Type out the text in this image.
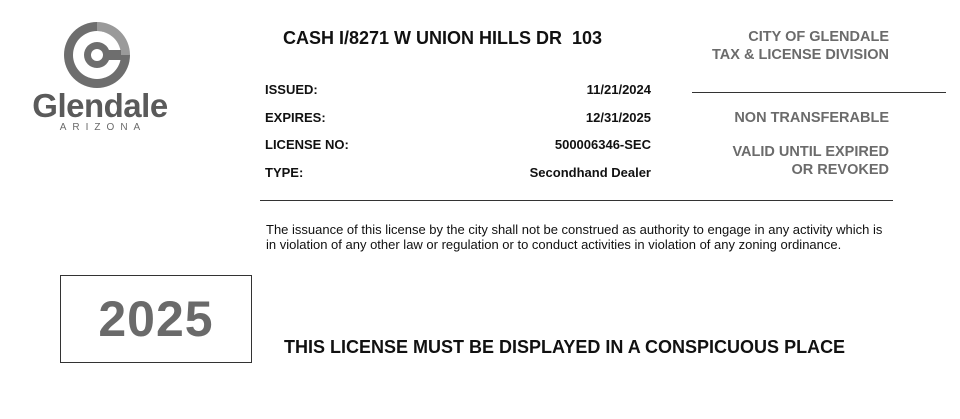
Glendale
ARIZONA
CASH I/8271 W UNION HILLS DR  103	CITY OF GLENDALE
TAX & LICENSE DIVISION
NON TRANSFERABLE
VALID UNTIL EXPIRED
OR REVOKED
ISSUED:	11/21/2024
EXPIRES:	12/31/2025
LICENSE NO:	500006346-SEC
TYPE:	Secondhand Dealer
The issuance of this license by the city shall not be construed as authority to engage in any activity which is in violation of any other law or regulation or to conduct activities in violation of any zoning ordinance.
2025	THIS LICENSE MUST BE DISPLAYED IN A CONSPICUOUS PLACE
